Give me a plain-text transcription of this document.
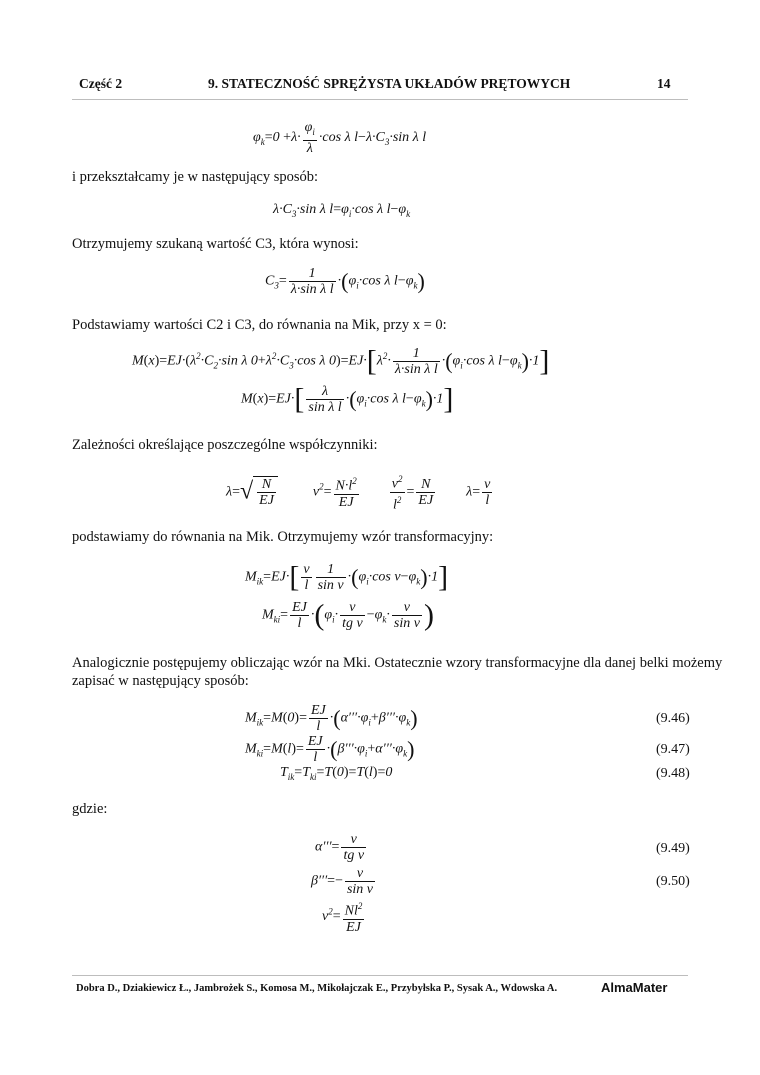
Część 2	9. STATECZNOŚĆ SPRĘŻYSTA UKŁADÓW PRĘTOWYCH	14
$\varphi_k=0 +\lambda\cdot \frac{\varphi_i}{\lambda} \cdot\cos$ λ $l-\lambda\cdot C_3\cdot\sin$ λ l
i przekształcamy je w następujący sposób:
$\lambda\cdot C_3\cdot\sin$ λ $l=\varphi_i\cdot\cos$ λ $l-\varphi_k$
Otrzymujemy szukaną wartość C3, która wynosi:
$C_3= \frac{1}{\text{λ·sin λ l}} \cdot(\varphi_i\cdot\cos$ λ $l-\varphi_k$)
Podstawiamy wartości C2 i C3, do równania na Mik, przy x = 0:
$M(x)=EJ\cdot(\lambda^2\cdot C_2\cdot\sin$ λ $0+\lambda^2\cdot C_3\cdot\cos$ λ $0)=EJ\cdot[\lambda^2\cdot \frac{1}{\text{λ·sin λ l}} \cdot(\varphi_i\cdot\cos$ λ $l-\varphi_k)\cdot 1$]
$M(x)=EJ\cdot[ \frac{\lambda}{\text{sin λ l}} \cdot(\varphi_i\cdot\cos$ λ $l-\varphi_k)\cdot 1$]
Zależności określające poszczególne współczynniki:
$\lambda=√ \frac{N}{EJ} \nu^2= \frac{N\cdot l^2}{EJ}$
$\frac{\nu^2}{l^2} = \frac{N}{EJ} \lambda= \frac{\nu}{l}$
podstawiamy do równania na Mik. Otrzymujemy wzór transformacyjny:
$M_{ik}=EJ\cdot[ \frac{\nu}{l} \frac{1}{\text{sin ν}} \cdot(\varphi_i\cdot\cos$ $\nu-\varphi_k)\cdot 1$]
$M_{ki}= \frac{EJ}{l} \cdot(\varphi_i\cdot \frac{\nu}{\text{tg ν}} -\varphi_k\cdot \frac{\nu}{\text{sin ν}}$ )
Analogicznie postępujemy obliczając wzór na Mki. Ostatecznie wzory transformacyjne dla danej belki możemy
zapisać w następujący sposób:
$M_{ik}=M(0)= \frac{EJ}{l} \cdot(\alpha'''\cdot\varphi_i+\beta'''\cdot\varphi_k)$	(9.46)
$M_{ki}=M(l)= \frac{EJ}{l} \cdot(\beta'''\cdot\varphi_i+\alpha'''\cdot\varphi_k)$	(9.47)
$T_{ik}=T_{ki}=T(0)=T(l)=0$	(9.48)
gdzie:
$\alpha'''= \frac{\nu}{\text{tg ν}}$	(9.49)
$\beta'''=- \frac{\nu}{\text{sin ν}}$	(9.50)
$\nu^2= \frac{Nl^2}{EJ}$
Dobra D., Dziakiewicz Ł., Jambrożek S., Komosa M., Mikołajczak E., Przybyłska P., Sysak A., Wdowska A.	AlmaMater
